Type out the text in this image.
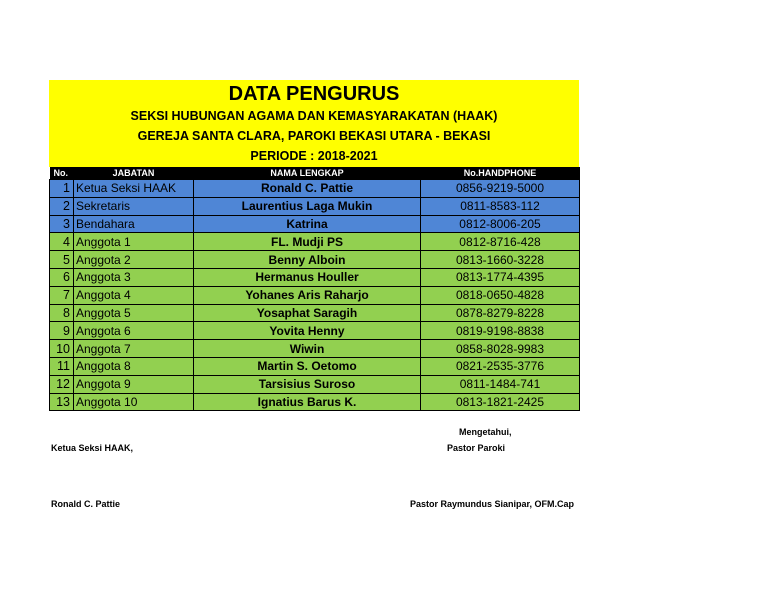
DATA PENGURUS
SEKSI HUBUNGAN AGAMA DAN KEMASYARAKATAN (HAAK)
GEREJA SANTA CLARA, PAROKI BEKASI UTARA - BEKASI
PERIODE : 2018-2021
No.	JABATAN	NAMA LENGKAP	No.HANDPHONE
1	Ketua Seksi HAAK	Ronald C. Pattie	0856-9219-5000
2	Sekretaris	Laurentius Laga Mukin	0811-8583-112
3	Bendahara	Katrina	0812-8006-205
4	Anggota 1	FL. Mudji PS	0812-8716-428
5	Anggota 2	Benny Alboin	0813-1660-3228
6	Anggota 3	Hermanus Houller	0813-1774-4395
7	Anggota 4	Yohanes Aris Raharjo	0818-0650-4828
8	Anggota 5	Yosaphat Saragih	0878-8279-8228
9	Anggota 6	Yovita Henny	0819-9198-8838
10	Anggota 7	Wiwin	0858-8028-9983
11	Anggota 8	Martin S. Oetomo	0821-2535-3776
12	Anggota 9	Tarsisius Suroso	0811-1484-741
13	Anggota 10	Ignatius Barus K.	0813-1821-2425
Ketua Seksi HAAK,
Ronald C. Pattie
Mengetahui,
Pastor Paroki
Pastor Raymundus Sianipar, OFM.Cap
